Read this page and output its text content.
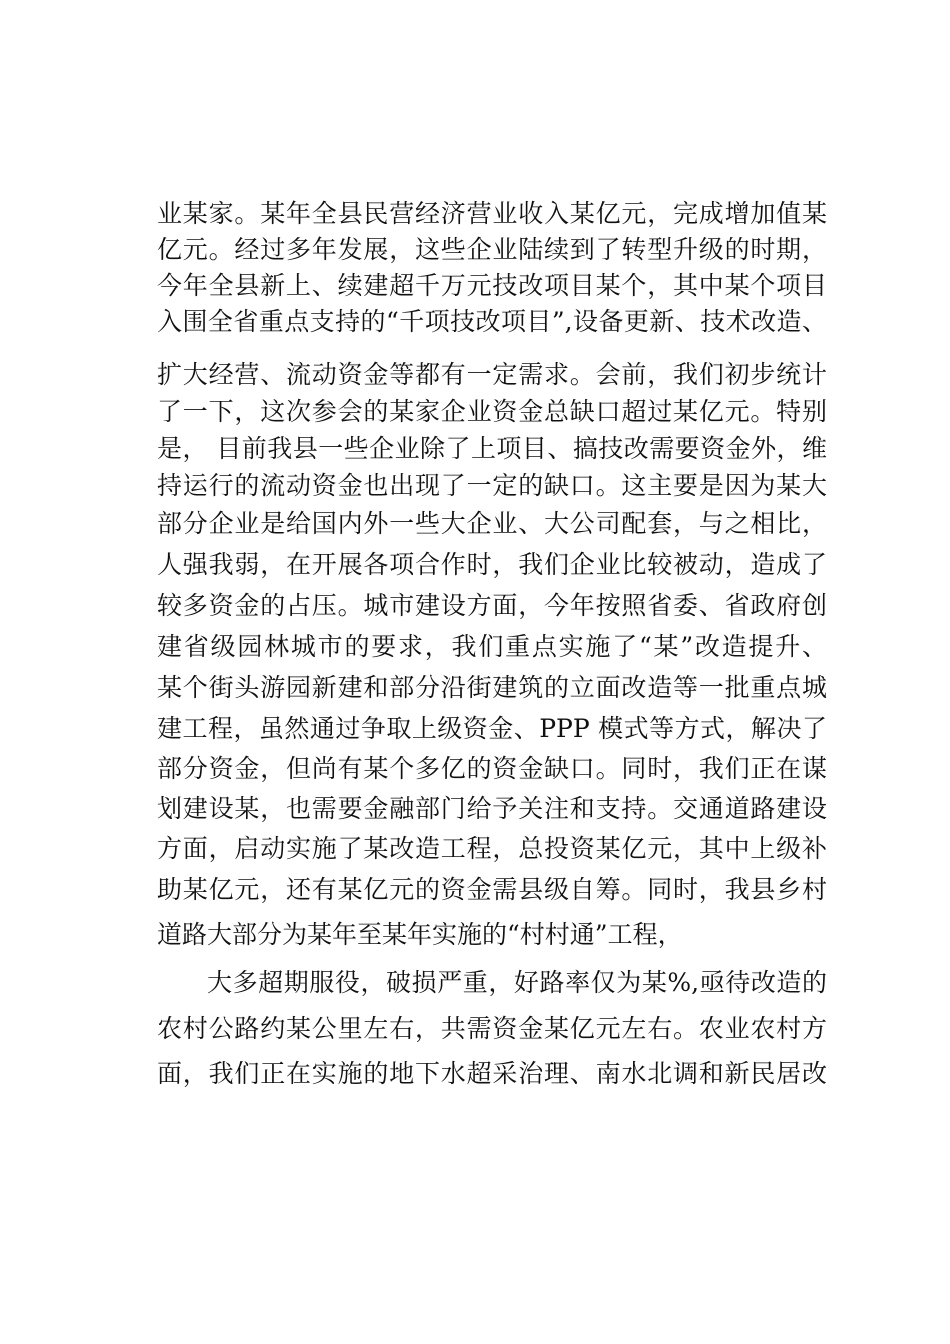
业某家。某年全县民营经济营业收入某亿元，完成增加值某
亿元。经过多年发展，这些企业陆续到了转型升级的时期，
今年全县新上、续建超千万元技改项目某个，其中某个项目
入围全省重点支持的“千项技改项目”,设备更新、技术改造、
扩大经营、流动资金等都有一定需求。会前，我们初步统计
了一下，这次参会的某家企业资金总缺口超过某亿元。特别
是， 目前我县一些企业除了上项目、搞技改需要资金外，维
持运行的流动资金也出现了一定的缺口。这主要是因为某大
部分企业是给国内外一些大企业、大公司配套，与之相比，
人强我弱，在开展各项合作时，我们企业比较被动，造成了
较多资金的占压。城市建设方面，今年按照省委、省政府创
建省级园林城市的要求，我们重点实施了“某”改造提升、
某个街头游园新建和部分沿街建筑的立面改造等一批重点城
建工程，虽然通过争取上级资金、PPP 模式等方式，解决了
部分资金，但尚有某个多亿的资金缺口。同时，我们正在谋
划建设某，也需要金融部门给予关注和支持。交通道路建设
方面，启动实施了某改造工程，总投资某亿元，其中上级补
助某亿元，还有某亿元的资金需县级自筹。同时，我县乡村
道路大部分为某年至某年实施的“村村通”工程，
大多超期服役，破损严重，好路率仅为某%,亟待改造的
农村公路约某公里左右，共需资金某亿元左右。农业农村方
面，我们正在实施的地下水超采治理、南水北调和新民居改
